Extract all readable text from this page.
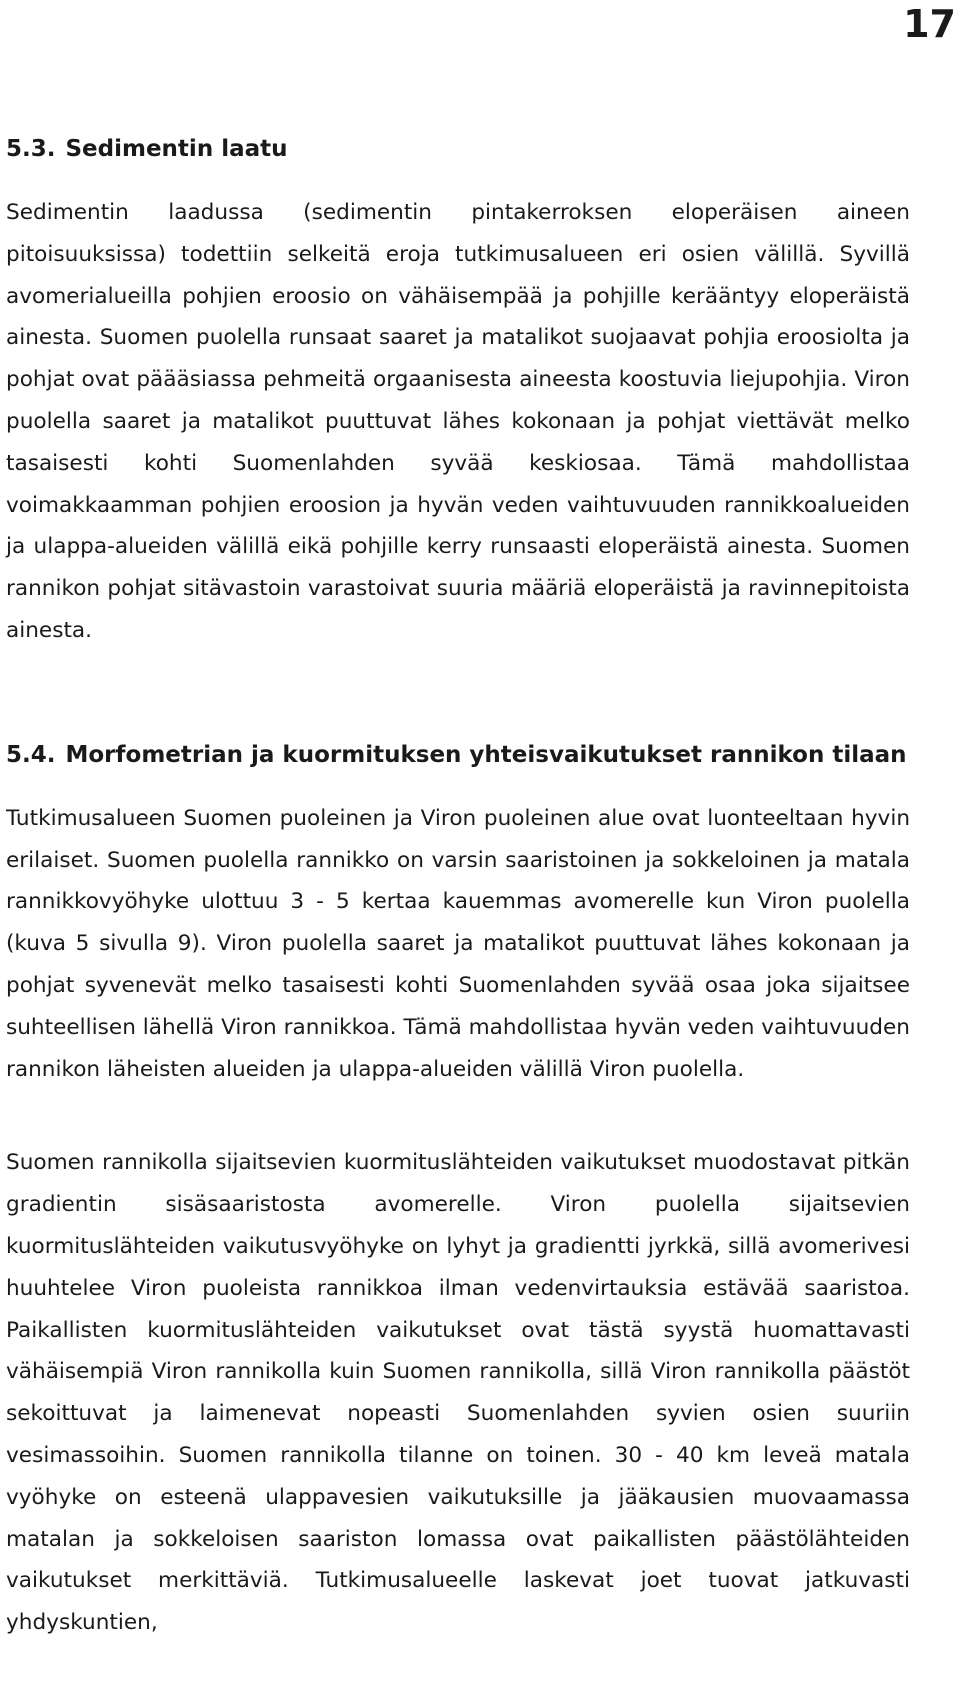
17
5.3. Sedimentin laatu

Sedimentin laadussa (sedimentin pintakerroksen eloperäisen aineen pitoisuuksissa) todettiin selkeitä eroja tutkimusalueen eri osien välillä. Syvillä avomerialueilla pohjien eroosio on vähäisempää ja pohjille kerääntyy eloperäistä ainesta. Suomen puolella runsaat saaret ja matalikot suojaavat pohjia eroosiolta ja pohjat ovat päääsiassa pehmeitä orgaanisesta aineesta koostuvia liejupohjia. Viron puolella saaret ja matalikot puuttuvat lähes kokonaan ja pohjat viettävät melko tasaisesti kohti Suomenlahden syvää keskiosaa. Tämä mahdollistaa voimakkaamman pohjien eroosion ja hyvän veden vaihtuvuuden rannikkoalueiden ja ulappa-alueiden välillä eikä pohjille kerry runsaasti eloperäistä ainesta. Suomen rannikon pohjat sitävastoin varastoivat suuria määriä eloperäistä ja ravinnepitoista ainesta.

5.4. Morfometrian ja kuormituksen yhteisvaikutukset rannikon tilaan

Tutkimusalueen Suomen puoleinen ja Viron puoleinen alue ovat luonteeltaan hyvin erilaiset. Suomen puolella rannikko on varsin saaristoinen ja sokkeloinen ja matala rannikkovyöhyke ulottuu 3 - 5 kertaa kauemmas avomerelle kun Viron puolella (kuva 5 sivulla 9). Viron puolella saaret ja matalikot puuttuvat lähes kokonaan ja pohjat syvenevät melko tasaisesti kohti Suomenlahden syvää osaa joka sijaitsee suhteellisen lähellä Viron rannikkoa. Tämä mahdollistaa hyvän veden vaihtuvuuden rannikon läheisten alueiden ja ulappa-alueiden välillä Viron puolella.

Suomen rannikolla sijaitsevien kuormituslähteiden vaikutukset muodostavat pitkän gradientin sisäsaaristosta avomerelle. Viron puolella sijaitsevien kuormituslähteiden vaikutusvyöhyke on lyhyt ja gradientti jyrkkä, sillä avomerivesi huuhtelee Viron puoleista rannikkoa ilman vedenvirtauksia estävää saaristoa. Paikallisten kuormituslähteiden vaikutukset ovat tästä syystä huomattavasti vähäisempiä Viron rannikolla kuin Suomen rannikolla, sillä Viron rannikolla päästöt sekoittuvat ja laimenevat nopeasti Suomenlahden syvien osien suuriin vesimassoihin. Suomen rannikolla tilanne on toinen. 30 - 40 km leveä matala vyöhyke on esteenä ulappavesien vaikutuksille ja jääkausien muovaamassa matalan ja sokkeloisen saariston lomassa ovat paikallisten päästölähteiden vaikutukset merkittäviä. Tutkimusalueelle laskevat joet tuovat jatkuvasti yhdyskuntien,
